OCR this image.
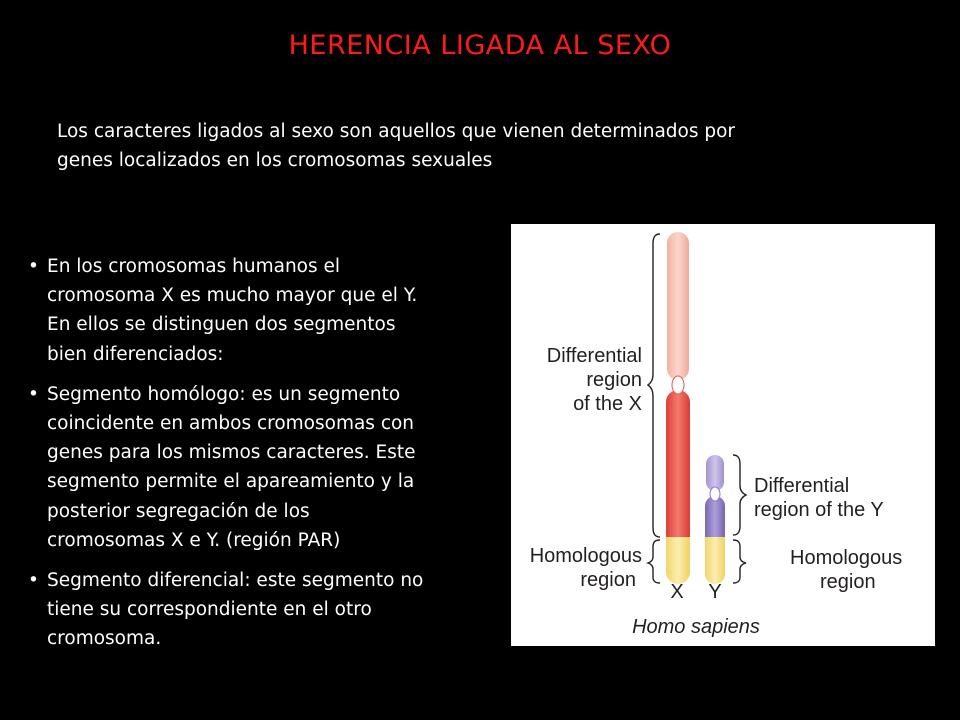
HERENCIA LIGADA AL SEXO
Los caracteres ligados al sexo son aquellos que vienen determinados por
genes localizados en los cromosomas sexuales
• En los cromosomas humanos el
cromosoma X es mucho mayor que el Y.
En ellos se distinguen dos segmentos
bien diferenciados:
• Segmento homólogo: es un segmento
coincidente en ambos cromosomas con
genes para los mismos caracteres. Este
segmento permite el apareamiento y la
posterior segregación de los
cromosomas X e Y. (región PAR)
• Segmento diferencial: este segmento no
tiene su correspondiente en el otro
cromosoma.
Differential
region
of the X
Differential
region of the Y
Homologous
region
Homologous
region
X Y
Homo sapiens
